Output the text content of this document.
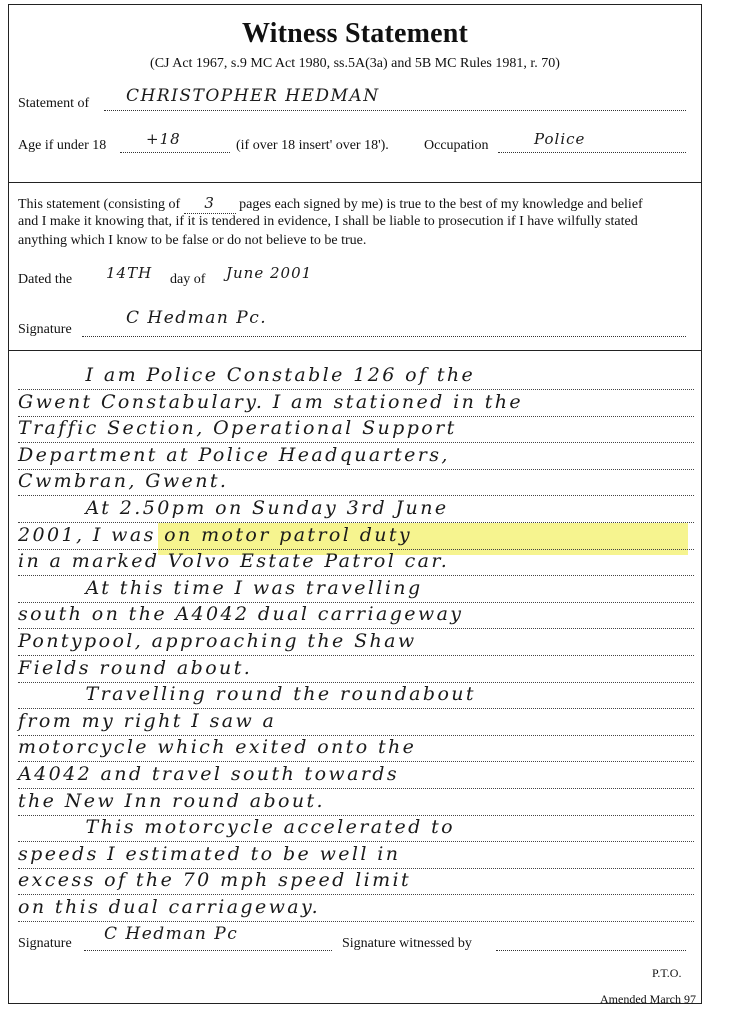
Witness Statement
(CJ Act 1967, s.9 MC Act 1980, ss.5A(3a) and 5B MC Rules 1981, r. 70)
Statement of CHRISTOPHER HEDMAN
Age if under 18	+18	(if over 18 insert' over 18').	Occupation	Police
This statement (consisting of 3 pages each signed by me) is true to the best of my knowledge and belief
and I make it knowing that, if it is tendered in evidence, I shall be liable to prosecution if I have wilfully stated
anything which I know to be false or do not believe to be true.
Dated the 14TH day of June 2001
Signature
C Hedman Pc.
I am Police Constable 126 of the
Gwent Constabulary. I am stationed in the
Traffic Section, Operational Support
Department at Police Headquarters,
Cwmbran, Gwent.
At 2.50pm on Sunday 3rd June
2001, I was on motor patrol duty
in a marked Volvo Estate Patrol car.
At this time I was travelling
south on the A4042 dual carriageway
Pontypool, approaching the Shaw
Fields round about.
Travelling round the roundabout
from my right I saw a
motorcycle which exited onto the
A4042 and travel south towards
the New Inn round about.
This motorcycle accelerated to
speeds I estimated to be well in
excess of the 70 mph speed limit
on this dual carriageway.
Signature C Hedman Pc	Signature witnessed by
P.T.O.
Amended March 97
